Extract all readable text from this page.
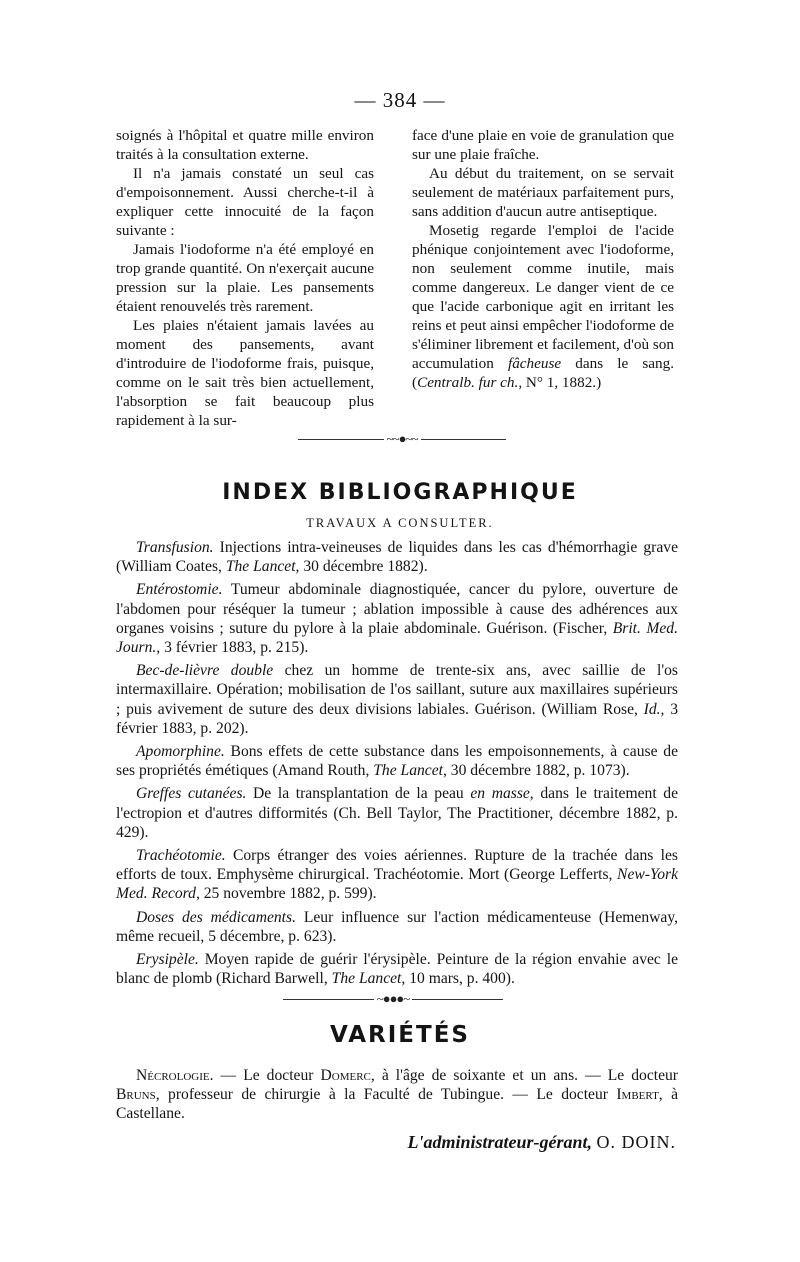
— 384 —

soignés à l'hôpital et quatre mille environ traités à la consultation externe.

Il n'a jamais constaté un seul cas d'empoisonnement. Aussi cherche-t-il à expliquer cette innocuité de la façon suivante :

Jamais l'iodoforme n'a été employé en trop grande quantité. On n'exerçait aucune pression sur la plaie. Les pansements étaient renouvelés très rarement.

Les plaies n'étaient jamais lavées au moment des pansements, avant d'introduire de l'iodoforme frais, puisque, comme on le sait très bien actuellement, l'absorption se fait beaucoup plus rapidement à la sur-

face d'une plaie en voie de granulation que sur une plaie fraîche.

Au début du traitement, on se servait seulement de matériaux parfaitement purs, sans addition d'aucun autre antiseptique.

Mosetig regarde l'emploi de l'acide phénique conjointement avec l'iodoforme, non seulement comme inutile, mais comme dangereux. Le danger vient de ce que l'acide carbonique agit en irritant les reins et peut ainsi empêcher l'iodoforme de s'éliminer librement et facilement, d'où son accumulation fâcheuse dans le sang. (Centralb. fur ch., N° 1, 1882.)

~~●~~
INDEX BIBLIOGRAPHIQUE
TRAVAUX A CONSULTER.

Transfusion. Injections intra-veineuses de liquides dans les cas d'hémorrhagie grave (William Coates, The Lancet, 30 décembre 1882).

Entérostomie. Tumeur abdominale diagnostiquée, cancer du pylore, ouverture de l'abdomen pour réséquer la tumeur ; ablation impossible à cause des adhérences aux organes voisins ; suture du pylore à la plaie abdominale. Guérison. (Fischer, Brit. Med. Journ., 3 février 1883, p. 215).

Bec-de-lièvre double chez un homme de trente-six ans, avec saillie de l'os intermaxillaire. Opération; mobilisation de l'os saillant, suture aux maxillaires supérieurs ; puis avivement de suture des deux divisions labiales. Guérison. (William Rose, Id., 3 février 1883, p. 202).

Apomorphine. Bons effets de cette substance dans les empoisonnements, à cause de ses propriétés émétiques (Amand Routh, The Lancet, 30 décembre 1882, p. 1073).

Greffes cutanées. De la transplantation de la peau en masse, dans le traitement de l'ectropion et d'autres difformités (Ch. Bell Taylor, The Practitioner, décembre 1882, p. 429).

Trachéotomie. Corps étranger des voies aériennes. Rupture de la trachée dans les efforts de toux. Emphysème chirurgical. Trachéotomie. Mort (George Lefferts, New-York Med. Record, 25 novembre 1882, p. 599).

Doses des médicaments. Leur influence sur l'action médicamenteuse (Hemenway, même recueil, 5 décembre, p. 623).

Erysipèle. Moyen rapide de guérir l'érysipèle. Peinture de la région envahie avec le blanc de plomb (Richard Barwell, The Lancet, 10 mars, p. 400).

~●●●~
VARIÉTÉS

Nécrologie. — Le docteur Domerc, à l'âge de soixante et un ans. — Le docteur Bruns, professeur de chirurgie à la Faculté de Tubingue. — Le docteur Imbert, à Castellane.

L'administrateur-gérant, O. DOIN.
